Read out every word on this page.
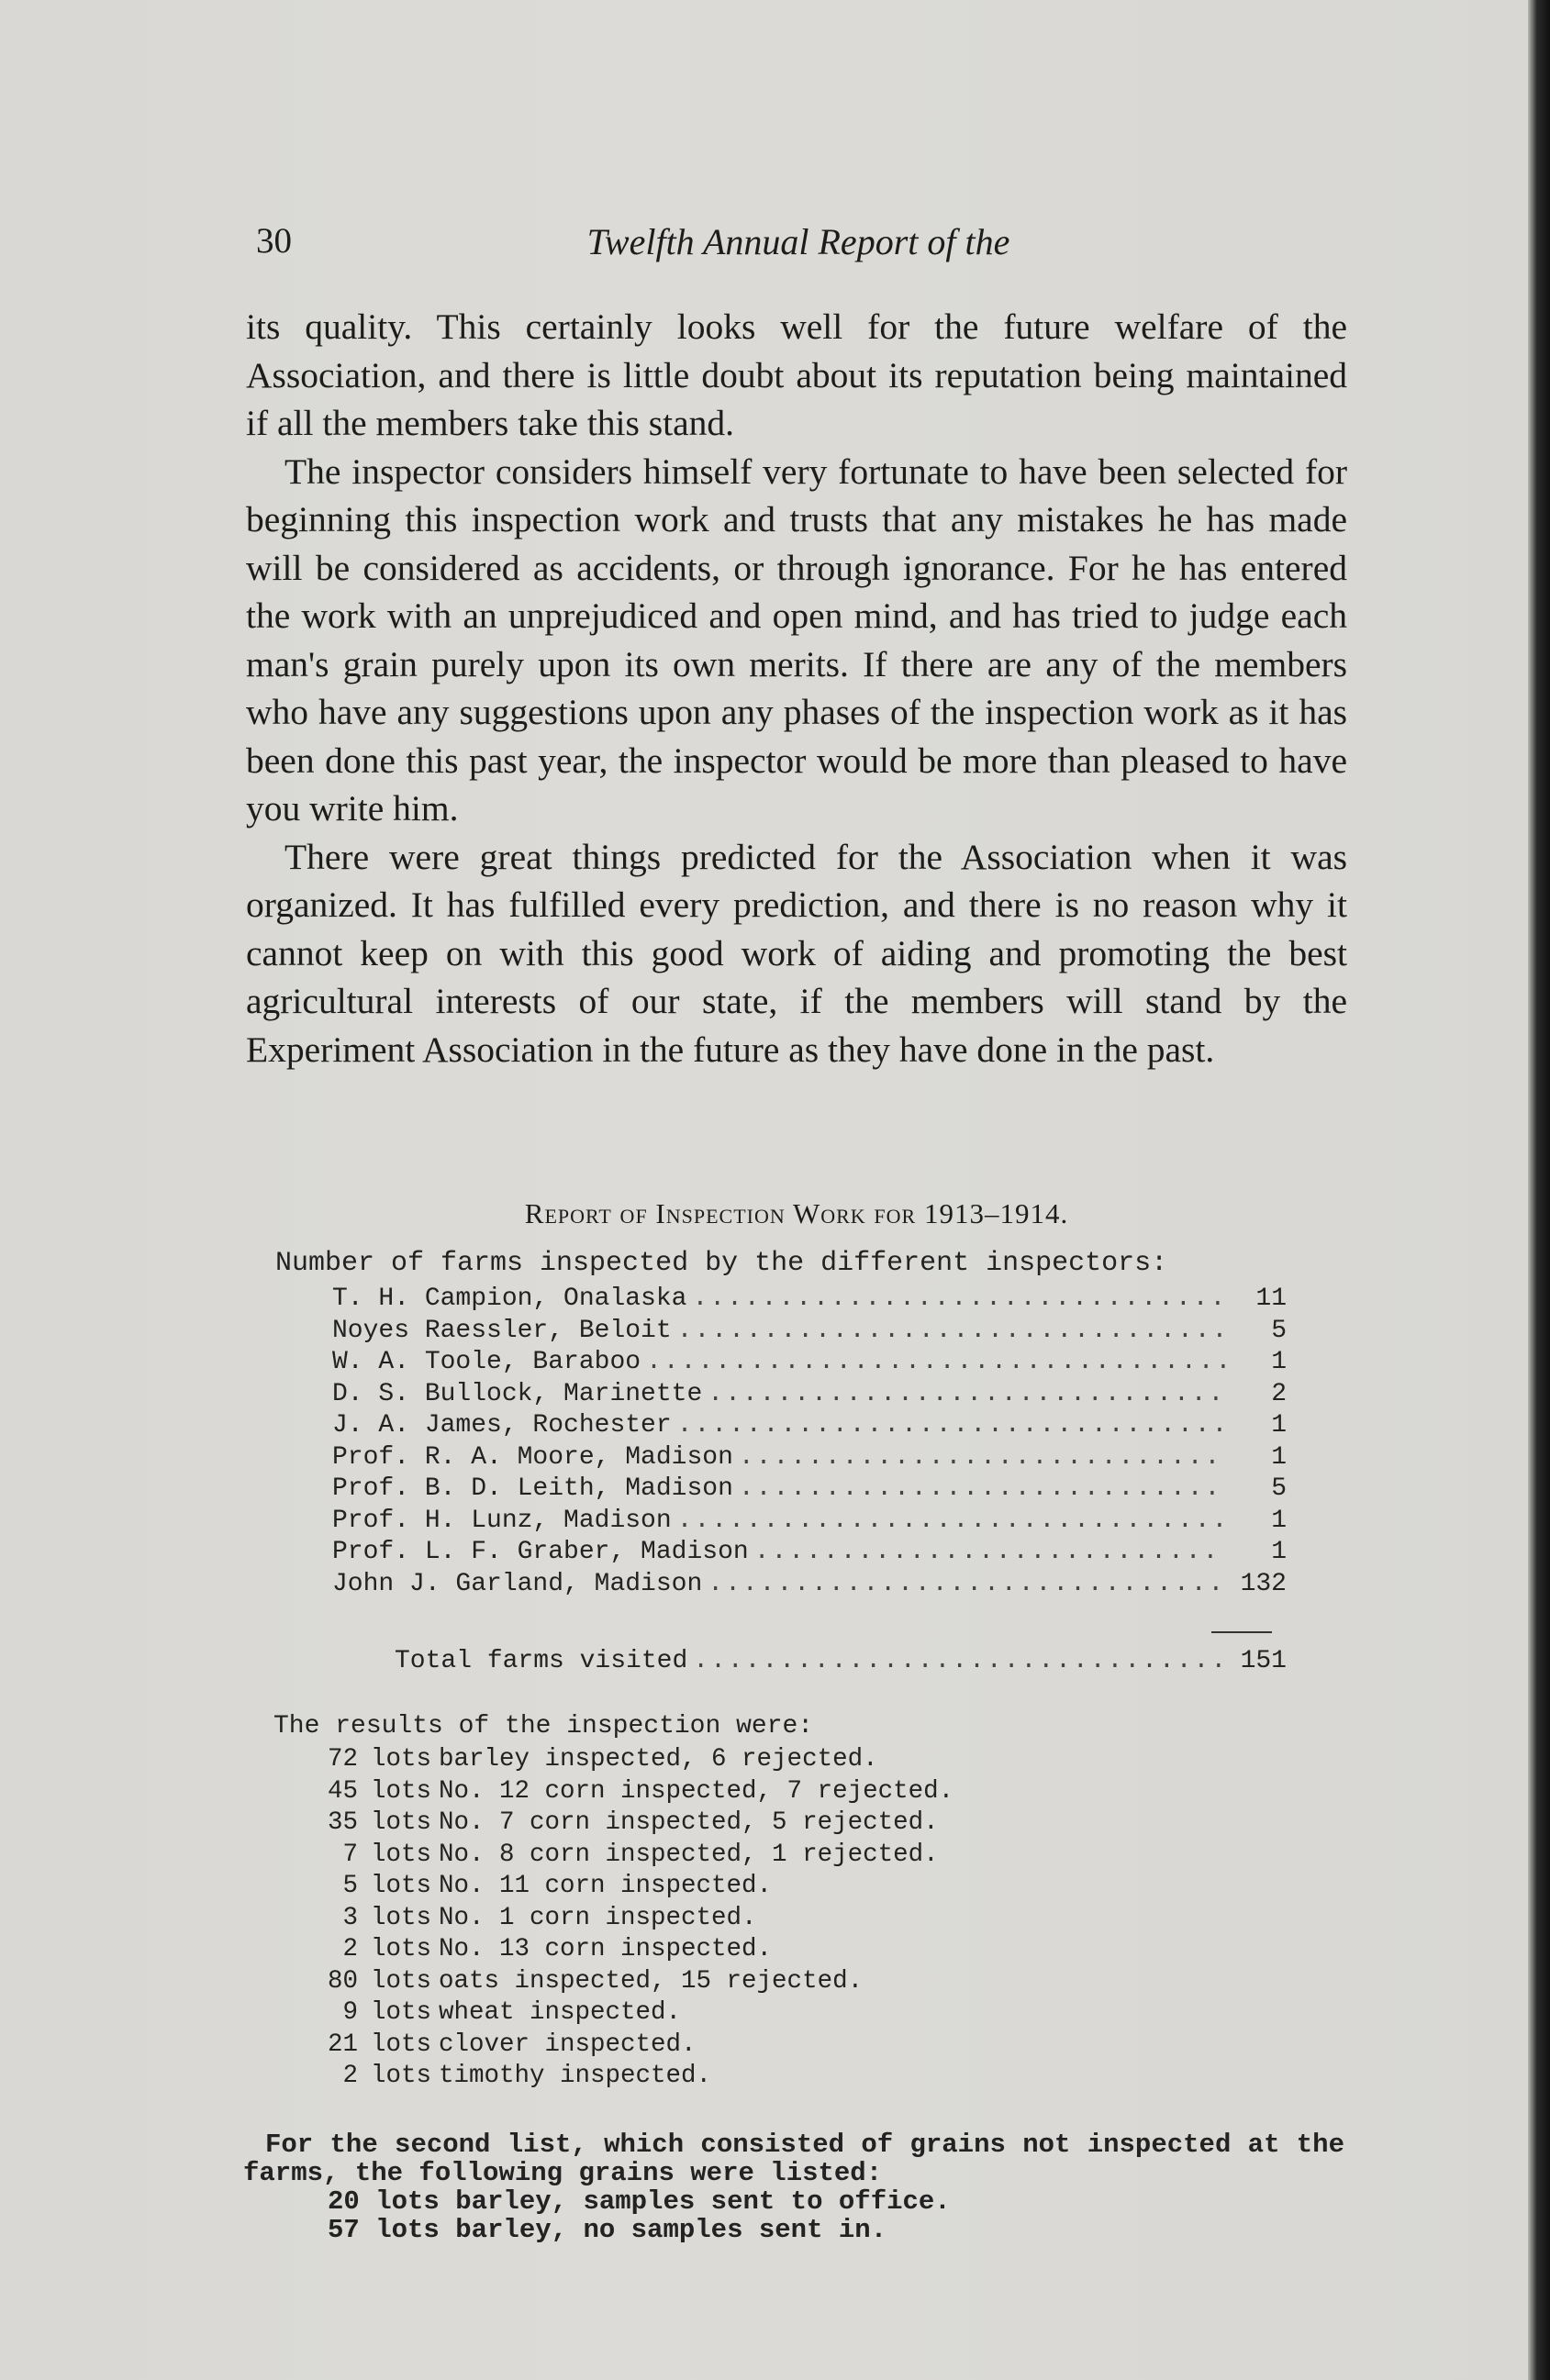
30	Twelfth Annual Report of the

its quality. This certainly looks well for the future welfare of the Association, and there is little doubt about its reputation being maintained if all the members take this stand.

The inspector considers himself very fortunate to have been selected for beginning this inspection work and trusts that any mistakes he has made will be considered as accidents, or through ignorance. For he has entered the work with an unprejudiced and open mind, and has tried to judge each man's grain purely upon its own merits. If there are any of the members who have any suggestions upon any phases of the inspection work as it has been done this past year, the inspector would be more than pleased to have you write him.

There were great things predicted for the Association when it was organized. It has fulfilled every prediction, and there is no reason why it cannot keep on with this good work of aiding and promoting the best agricultural interests of our state, if the members will stand by the Experiment Association in the future as they have done in the past.

Report of Inspection Work for 1913–1914.
Number of farms inspected by the different inspectors:
T. H. Campion, Onalaska .....	11
Noyes Raessler, Beloit .....	5
W. A. Toole, Baraboo .....	1
D. S. Bullock, Marinette .....	2
J. A. James, Rochester .....	1
Prof. R. A. Moore, Madison .....	1
Prof. B. D. Leith, Madison .....	5
Prof. H. Lunz, Madison .....	1
Prof. L. F. Graber, Madison .....	1
John J. Garland, Madison .....	132
Total farms visited .....	151
The results of the inspection were:
72 lots barley inspected, 6 rejected.
45 lots No. 12 corn inspected, 7 rejected.
35 lots No. 7 corn inspected, 5 rejected.
7 lots No. 8 corn inspected, 1 rejected.
5 lots No. 11 corn inspected.
3 lots No. 1 corn inspected.
2 lots No. 13 corn inspected.
80 lots oats inspected, 15 rejected.
9 lots wheat inspected.
21 lots clover inspected.
2 lots timothy inspected.
For the second list, which consisted of grains not inspected at the farms, the following grains were listed:
20 lots barley, samples sent to office.
57 lots barley, no samples sent in.
